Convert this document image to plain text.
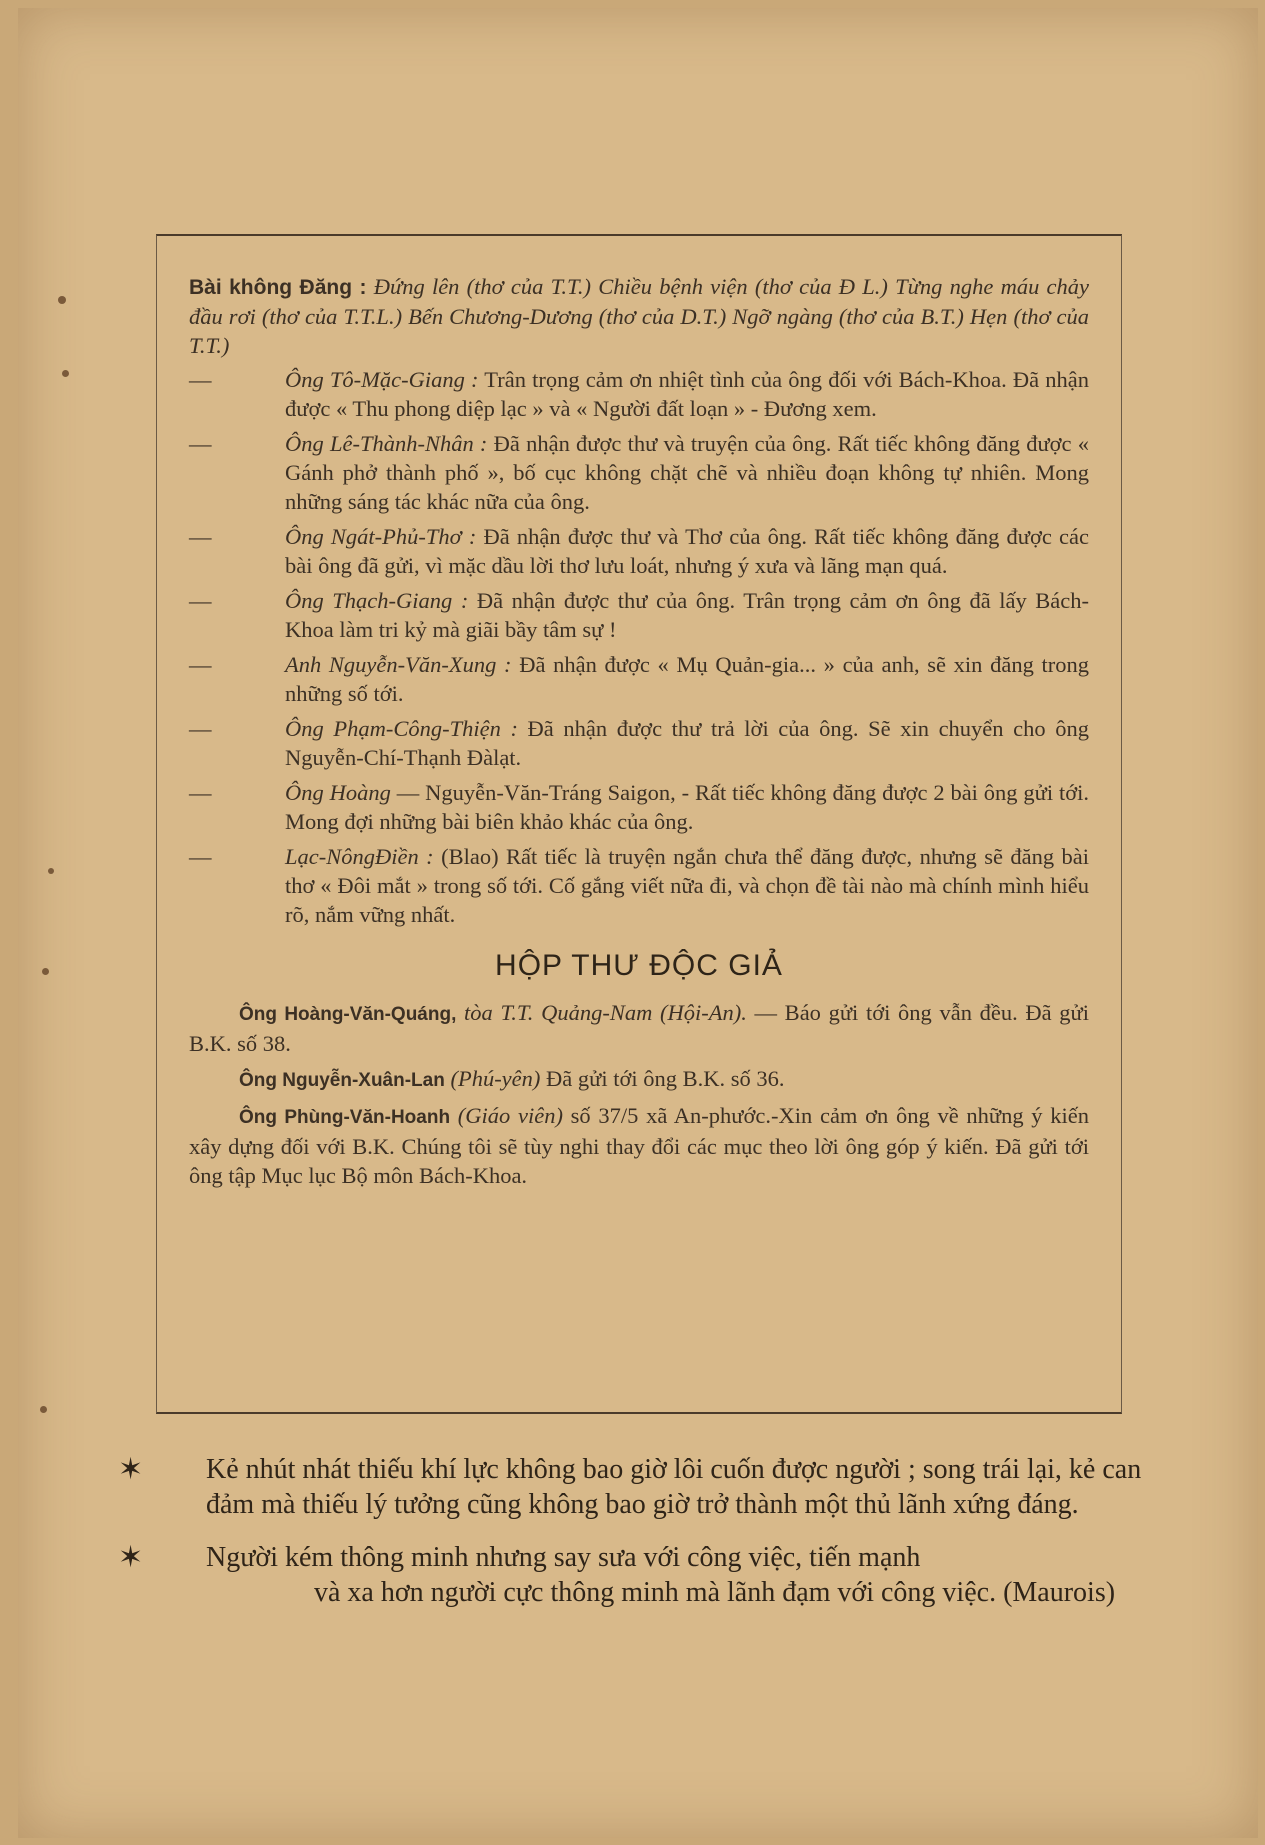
Bài không Đăng : Đứng lên (thơ của T.T.) Chiều bệnh viện (thơ của Đ L.) Từng nghe máu chảy đầu rơi (thơ của T.T.L.) Bến Chương-Dương (thơ của D.T.) Ngỡ ngàng (thơ của B.T.) Hẹn (thơ của T.T.)

—	Ông Tô-Mặc-Giang : Trân trọng cảm ơn nhiệt tình của ông đối với Bách-Khoa. Đã nhận được « Thu phong diệp lạc » và « Người đất loạn » - Đương xem.
—	Ông Lê-Thành-Nhân : Đã nhận được thư và truyện của ông. Rất tiếc không đăng được « Gánh phở thành phố », bố cục không chặt chẽ và nhiều đoạn không tự nhiên. Mong những sáng tác khác nữa của ông.
—	Ông Ngát-Phủ-Thơ : Đã nhận được thư và Thơ của ông. Rất tiếc không đăng được các bài ông đã gửi, vì mặc dầu lời thơ lưu loát, nhưng ý xưa và lãng mạn quá.
—	Ông Thạch-Giang : Đã nhận được thư của ông. Trân trọng cảm ơn ông đã lấy Bách-Khoa làm tri kỷ mà giãi bầy tâm sự !
—	Anh Nguyễn-Văn-Xung : Đã nhận được « Mụ Quản-gia... » của anh, sẽ xin đăng trong những số tới.
—	Ông Phạm-Công-Thiện : Đã nhận được thư trả lời của ông. Sẽ xin chuyển cho ông Nguyễn-Chí-Thạnh Đàlạt.
—	Ông Hoàng — Nguyễn-Văn-Tráng Saigon, - Rất tiếc không đăng được 2 bài ông gửi tới. Mong đợi những bài biên khảo khác của ông.
—	Lạc-NôngĐiền : (Blao) Rất tiếc là truyện ngắn chưa thể đăng được, nhưng sẽ đăng bài thơ « Đôi mắt » trong số tới. Cố gắng viết nữa đi, và chọn đề tài nào mà chính mình hiểu rõ, nắm vững nhất.
HỘP THƯ ĐỘC GIẢ

Ông Hoàng-Văn-Quáng, tòa T.T. Quảng-Nam (Hội-An). — Báo gửi tới ông vẫn đều. Đã gửi B.K. số 38.

Ông Nguyễn-Xuân-Lan (Phú-yên) Đã gửi tới ông B.K. số 36.

Ông Phùng-Văn-Hoanh (Giáo viên) số 37/5 xã An-phước.-Xin cảm ơn ông về những ý kiến xây dựng đối với B.K. Chúng tôi sẽ tùy nghi thay đổi các mục theo lời ông góp ý kiến. Đã gửi tới ông tập Mục lục Bộ môn Bách-Khoa.

✶ Kẻ nhút nhát thiếu khí lực không bao giờ lôi cuốn được người ; song trái lại, kẻ can đảm mà thiếu lý tưởng cũng không bao giờ trở thành một thủ lãnh xứng đáng.
✶ Người kém thông minh nhưng say sưa với công việc, tiến mạnh
và xa hơn người cực thông minh mà lãnh đạm với công việc. (Maurois)
